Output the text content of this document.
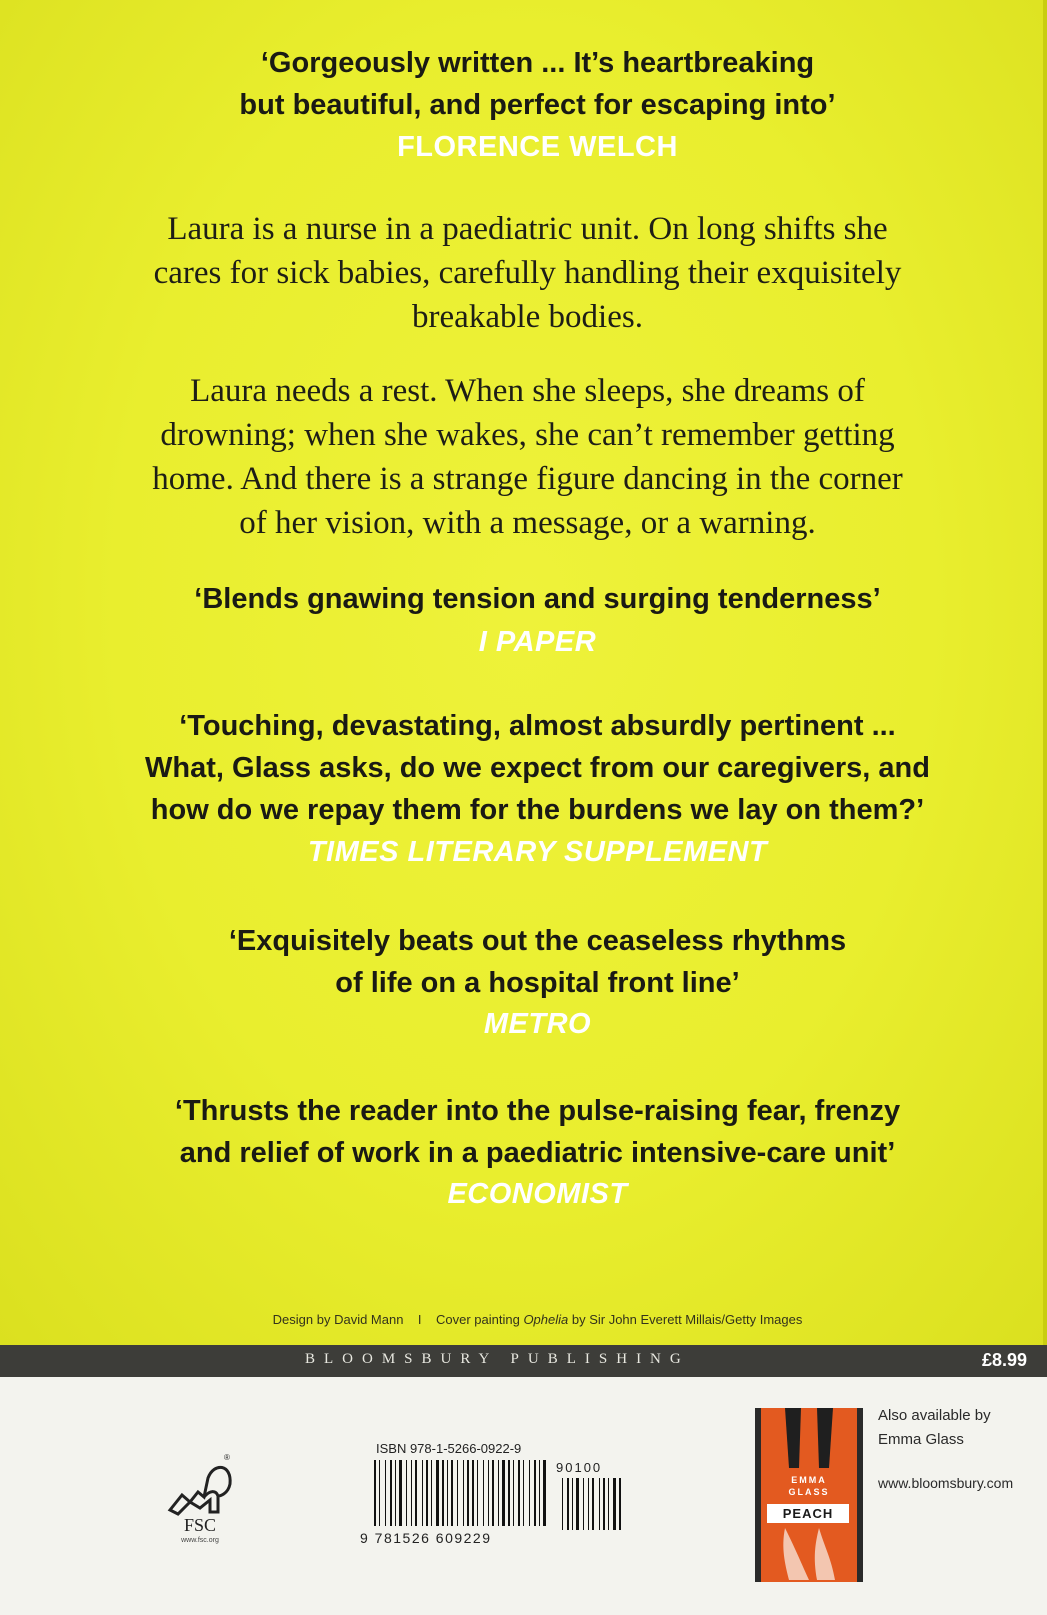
‘Gorgeously written ... It’s heartbreaking
but beautiful, and perfect for escaping into’
FLORENCE WELCH
Laura is a nurse in a paediatric unit. On long shifts she
cares for sick babies, carefully handling their exquisitely
breakable bodies.
Laura needs a rest. When she sleeps, she dreams of
drowning; when she wakes, she can’t remember getting
home. And there is a strange figure dancing in the corner
of her vision, with a message, or a warning.
‘Blends gnawing tension and surging tenderness’
I PAPER
‘Touching, devastating, almost absurdly pertinent ...
What, Glass asks, do we expect from our caregivers, and
how do we repay them for the burdens we lay on them?’
TIMES LITERARY SUPPLEMENT
‘Exquisitely beats out the ceaseless rhythms
of life on a hospital front line’
METRO
‘Thrusts the reader into the pulse-raising fear, frenzy
and relief of work in a paediatric intensive-care unit’
ECONOMIST
Design by David Mann I Cover painting Ophelia by Sir John Everett Millais/Getty Images
BLOOMSBURY PUBLISHING	£8.99
®
FSC
www.fsc.org
ISBN 978-1-5266-0922-9
9 781526 609229
90100
EMMA
GLASS
PEACH
Also available by
Emma Glass
www.bloomsbury.com
